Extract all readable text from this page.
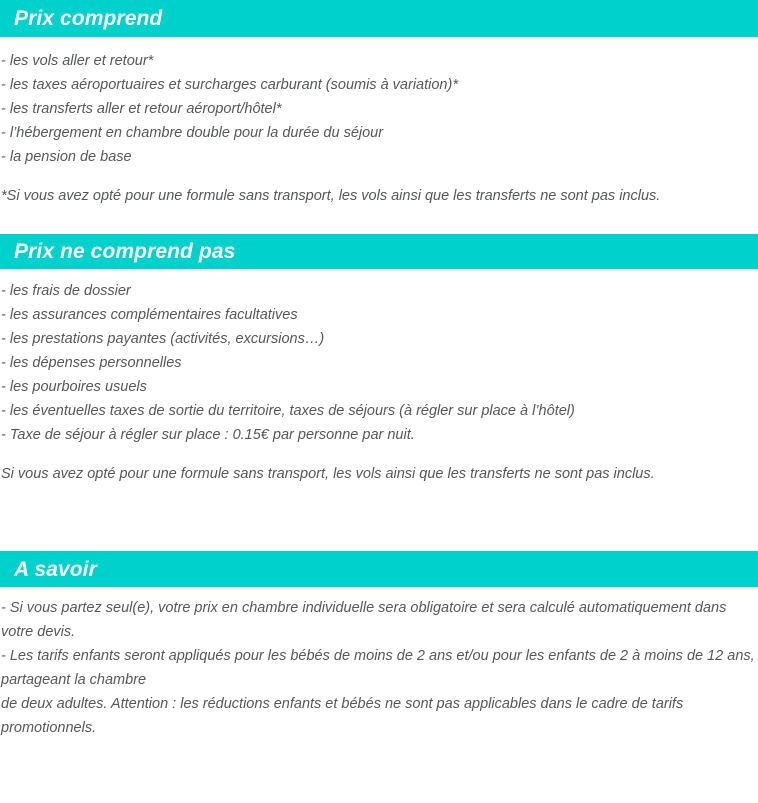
Prix comprend
- les vols aller et retour*
- les taxes aéroportuaires et surcharges carburant (soumis à variation)*
- les transferts aller et retour aéroport/hôtel*
- l’hébergement en chambre double pour la durée du séjour
- la pension de base
*Si vous avez opté pour une formule sans transport, les vols ainsi que les transferts ne sont pas inclus.
Prix ne comprend pas
- les frais de dossier
- les assurances complémentaires facultatives
- les prestations payantes (activités, excursions…)
- les dépenses personnelles
- les pourboires usuels
- les éventuelles taxes de sortie du territoire, taxes de séjours (à régler sur place à l’hôtel)
- Taxe de séjour à régler sur place : 0.15€ par personne par nuit.
Si vous avez opté pour une formule sans transport, les vols ainsi que les transferts ne sont pas inclus.
A savoir
- Si vous partez seul(e), votre prix en chambre individuelle sera obligatoire et sera calculé automatiquement dans votre devis.
- Les tarifs enfants seront appliqués pour les bébés de moins de 2 ans et/ou pour les enfants de 2 à moins de 12 ans, partageant la chambre
de deux adultes. Attention : les réductions enfants et bébés ne sont pas applicables dans le cadre de tarifs promotionnels.
